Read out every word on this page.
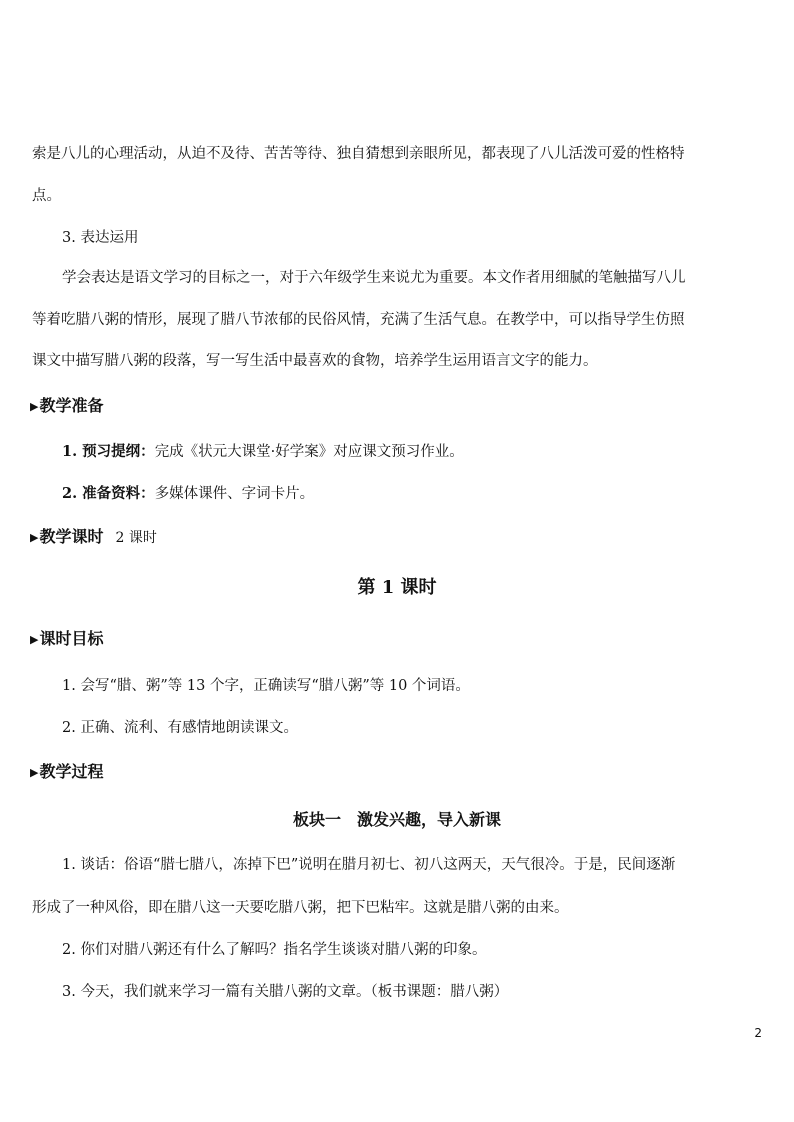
索是八儿的心理活动，从迫不及待、苦苦等待、独自猜想到亲眼所见，都表现了八儿活泼可爱的性格特
点。
3. 表达运用
学会表达是语文学习的目标之一，对于六年级学生来说尤为重要。本文作者用细腻的笔触描写八儿
等着吃腊八粥的情形，展现了腊八节浓郁的民俗风情，充满了生活气息。在教学中，可以指导学生仿照
课文中描写腊八粥的段落，写一写生活中最喜欢的食物，培养学生运用语言文字的能力。
▶教学准备
1. 预习提纲：完成《状元大课堂·好学案》对应课文预习作业。
2. 准备资料：多媒体课件、字词卡片。
▶教学课时 2 课时
第 1 课时
▶课时目标
1. 会写“腊、粥”等 13 个字，正确读写“腊八粥”等 10 个词语。
2. 正确、流利、有感情地朗读课文。
▶教学过程
板块一　激发兴趣，导入新课
1. 谈话：俗语“腊七腊八，冻掉下巴”说明在腊月初七、初八这两天，天气很冷。于是，民间逐渐
形成了一种风俗，即在腊八这一天要吃腊八粥，把下巴粘牢。这就是腊八粥的由来。
2. 你们对腊八粥还有什么了解吗？指名学生谈谈对腊八粥的印象。
3. 今天，我们就来学习一篇有关腊八粥的文章。（板书课题：腊八粥）
2
